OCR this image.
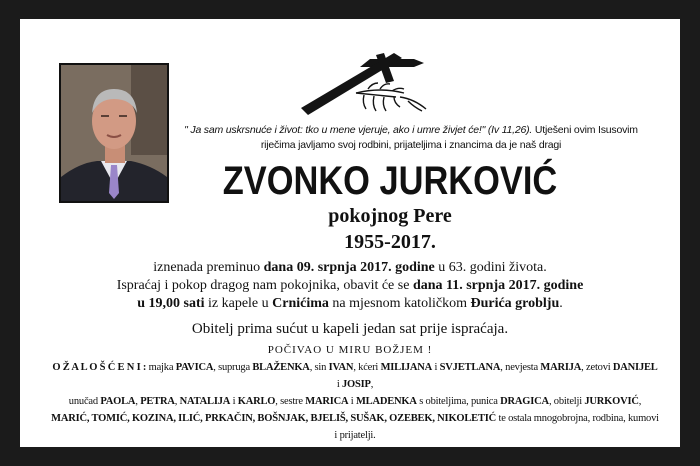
" Ja sam uskrsnuće i život: tko u mene vjeruje, ako i umre živjet će!" (Iv 11,26). Utješeni ovim Isusovim riječima javljamo svoj rodbini, prijateljima i znancima da je naš dragi
ZVONKO JURKOVIĆ
pokojnog Pere
1955-2017.
iznenada preminuo dana 09. srpnja 2017. godine u 63. godini života.
Ispraćaj i pokop dragog nam pokojnika, obavit će se dana 11. srpnja 2017. godine
u 19,00 sati iz kapele u Crnićima na mjesnom katoličkom Đurića groblju.
Obitelj prima sućut u kapeli jedan sat prije ispraćaja.
POČIVAO U MIRU BOŽJEM !
O Ž A L O Š Ć E N I : majka PAVICA, supruga BLAŽENKA, sin IVAN, kćeri MILIJANA i SVJETLANA, nevjesta MARIJA, zetovi DANIJEL i JOSIP,
unučad PAOLA, PETRA, NATALIJA i KARLO, sestre MARICA i MLADENKA s obiteljima, punica DRAGICA, obitelji JURKOVIĆ,
MARIĆ, TOMIĆ, KOZINA, ILIĆ, PRKAČIN, BOŠNJAK, BJELIŠ, SUŠAK, OZEBEK, NIKOLETIĆ te ostala mnogobrojna, rodbina, kumovi i prijatelji.
